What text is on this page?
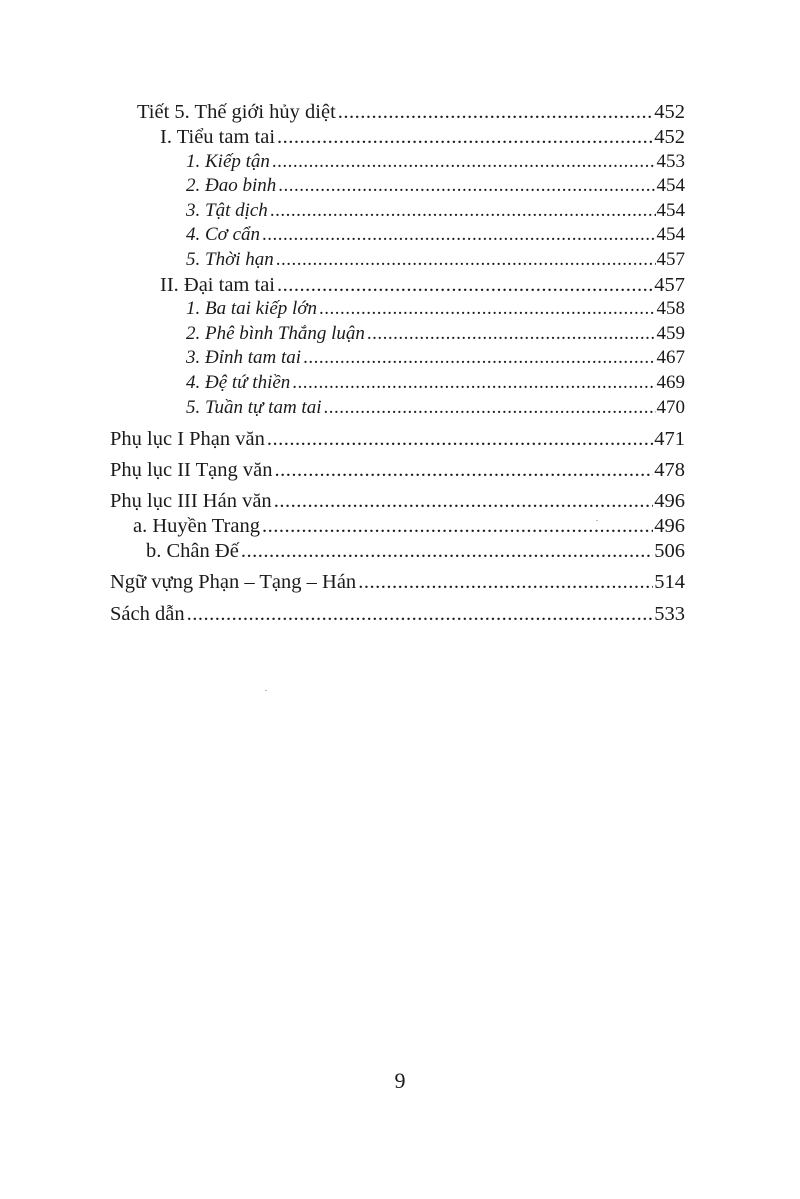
Tiết 5. Thế giới hủy diệt .....	452
I. Tiểu tam tai .....	452
1. Kiếp tận .....	453
2. Đao binh .....	454
3. Tật dịch .....	454
4. Cơ cẩn .....	454
5. Thời hạn .....	457
II. Đại tam tai .....	457
1. Ba tai kiếp lớn .....	458
2. Phê bình Thắng luận .....	459
3. Đỉnh tam tai .....	467
4. Đệ tứ thiền .....	469
5. Tuần tự tam tai .....	470
Phụ lục I Phạn văn .....	471
Phụ lục II Tạng văn .....	478
Phụ lục III Hán văn .....	496
a. Huyền Trang .....	496
b. Chân Đế .....	506
Ngữ vựng Phạn – Tạng – Hán .....	514
Sách dẫn .....	533
9
